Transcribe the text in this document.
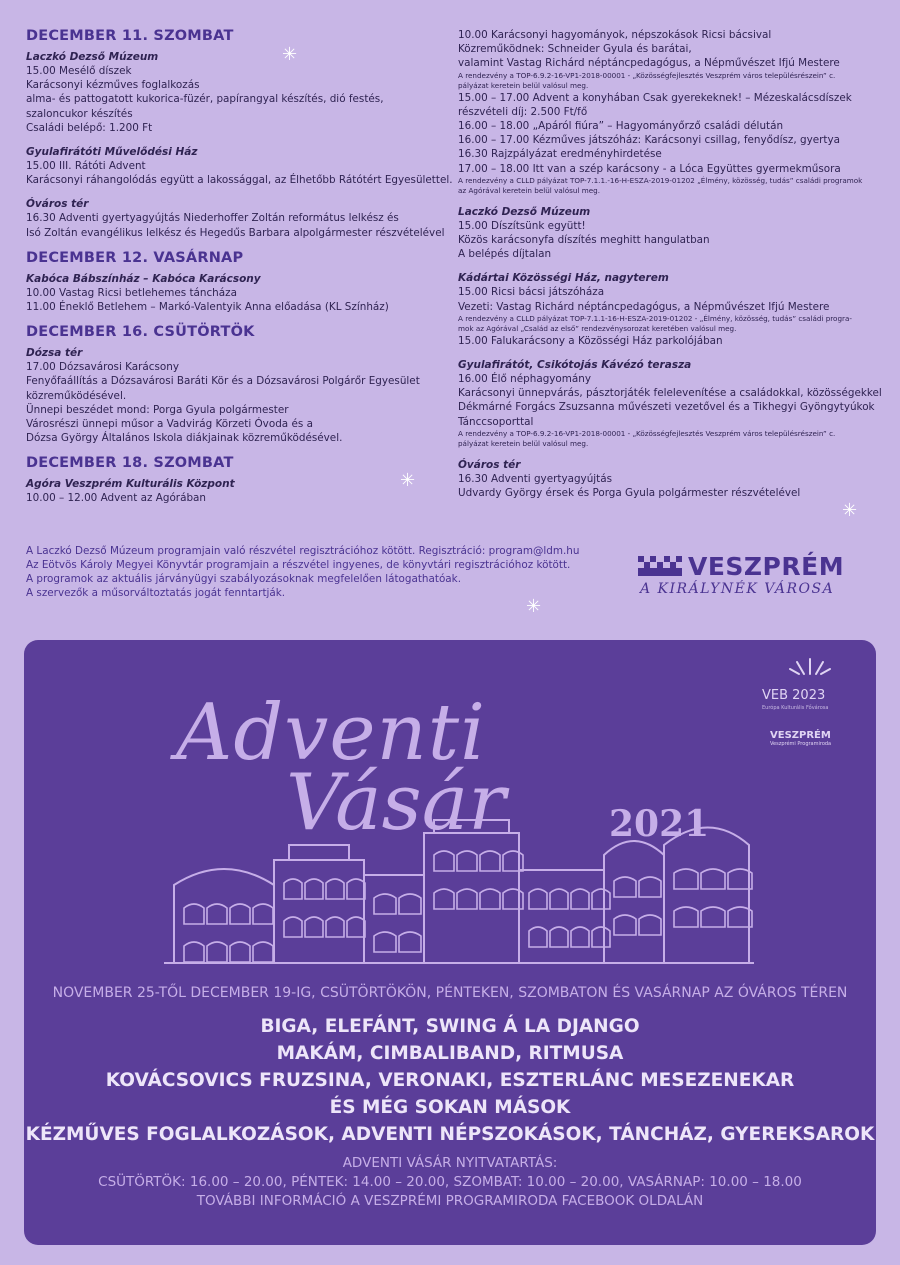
DECEMBER 11. SZOMBAT

Laczkó Dezső Múzeum

15.00 Mesélő díszek

Karácsonyi kézműves foglalkozás

alma- és pattogatott kukorica-füzér, papírangyal készítés, dió festés,

szaloncukor készítés

Családi belépő: 1.200 Ft

Gyulafirátóti Művelődési Ház

15.00 III. Rátóti Advent

Karácsonyi ráhangolódás együtt a lakossággal, az Élhetőbb Rátótért Egyesülettel.

Óváros tér

16.30 Adventi gyertyagyújtás Niederhoffer Zoltán református lelkész és

Isó Zoltán evangélikus lelkész és Hegedűs Barbara alpolgármester részvételével

DECEMBER 12. VASÁRNAP

Kabóca Bábszínház – Kabóca Karácsony

10.00 Vastag Ricsi betlehemes táncháza

11.00 Éneklő Betlehem – Markó-Valentyik Anna előadása (KL Színház)

DECEMBER 16. CSÜTÖRTÖK

Dózsa tér

17.00 Dózsavárosi Karácsony

Fenyőfaállítás a Dózsavárosi Baráti Kör és a Dózsavárosi Polgárőr Egyesület

közreműködésével.

Ünnepi beszédet mond: Porga Gyula polgármester

Városrészi ünnepi műsor a Vadvirág Körzeti Óvoda és a

Dózsa György Általános Iskola diákjainak közreműködésével.

DECEMBER 18. SZOMBAT

Agóra Veszprém Kulturális Központ

10.00 – 12.00 Advent az Agórában

10.00 Karácsonyi hagyományok, népszokások Ricsi bácsival

Közreműködnek: Schneider Gyula és barátai,

valamint Vastag Richárd néptáncpedagógus, a Népművészet Ifjú Mestere

A rendezvény a TOP-6.9.2-16-VP1-2018-00001 - „Közösségfejlesztés Veszprém város településrészein” c.

pályázat keretein belül valósul meg.

15.00 – 17.00 Advent a konyhában Csak gyerekeknek! – Mézeskalácsdíszek

részvételi díj: 2.500 Ft/fő

16.00 – 18.00 „Apáról fiúra” – Hagyományőrző családi délután

16.00 – 17.00 Kézműves játszóház: Karácsonyi csillag, fenyődísz, gyertya

16.30 Rajzpályázat eredményhirdetése

17.00 – 18.00 Itt van a szép karácsony - a Lóca Együttes gyermekműsora

A rendezvény a CLLD pályázat TOP-7.1.1.-16-H-ESZA-2019-01202 „Élmény, közösség, tudás” családi programok

az Agórával keretein belül valósul meg.

Laczkó Dezső Múzeum

15.00 Díszítsünk együtt!

Közös karácsonyfa díszítés meghitt hangulatban

A belépés díjtalan

Kádártai Közösségi Ház, nagyterem

15.00 Ricsi bácsi játszóháza

Vezeti: Vastag Richárd néptáncpedagógus, a Népművészet Ifjú Mestere

A rendezvény a CLLD pályázat TOP-7.1.1-16-H-ESZA-2019-01202 - „Élmény, közösség, tudás” családi progra-

mok az Agórával „Család az első” rendezvénysorozat keretében valósul meg.

15.00 Falukarácsony a Közösségi Ház parkolójában

Gyulafirátót, Csikótojás Kávézó terasza

16.00 Élő néphagyomány

Karácsonyi ünnepvárás, pásztorjáték felelevenítése a családokkal, közösségekkel

Dékmárné Forgács Zsuzsanna művészeti vezetővel és a Tikhegyi Gyöngytyúkok

Tánccsoporttal

A rendezvény a TOP-6.9.2-16-VP1-2018-00001 - „Közösségfejlesztés Veszprém város településrészein” c.

pályázat keretein belül valósul meg.

Óváros tér

16.30 Adventi gyertyagyújtás

Udvardy György érsek és Porga Gyula polgármester részvételével

✳
✳
✳
✳

A Laczkó Dezső Múzeum programjain való részvétel regisztrációhoz kötött. Regisztráció: program@ldm.hu

Az Eötvös Károly Megyei Könyvtár programjain a részvétel ingyenes, de könyvtári regisztrációhoz kötött.

A programok az aktuális járványügyi szabályozásoknak megfelelően látogathatóak.

A szervezők a műsorváltoztatás jogát fenntartják.

VESZPRÉM
A KIRÁLYNÉK VÁROSA
Adventi
Vásár	2021
VEB 2023
Európa Kulturális Fővárosa
VESZPRÉM
Veszprémi Programiroda
NOVEMBER 25-TŐL DECEMBER 19-IG, CSÜTÖRTÖKÖN, PÉNTEKEN, SZOMBATON ÉS VASÁRNAP AZ ÓVÁROS TÉREN
BIGA, ELEFÁNT, SWING Á LA DJANGO
MAKÁM, CIMBALIBAND, RITMUSA
KOVÁCSOVICS FRUZSINA, VERONAKI, ESZTERLÁNC MESEZENEKAR
ÉS MÉG SOKAN MÁSOK
KÉZMŰVES FOGLALKOZÁSOK, ADVENTI NÉPSZOKÁSOK, TÁNCHÁZ, GYEREKSAROK
ADVENTI VÁSÁR NYITVATARTÁS:
CSÜTÖRTÖK: 16.00 – 20.00, PÉNTEK: 14.00 – 20.00, SZOMBAT: 10.00 – 20.00, VASÁRNAP: 10.00 – 18.00
TOVÁBBI INFORMÁCIÓ A VESZPRÉMI PROGRAMIRODA FACEBOOK OLDALÁN
